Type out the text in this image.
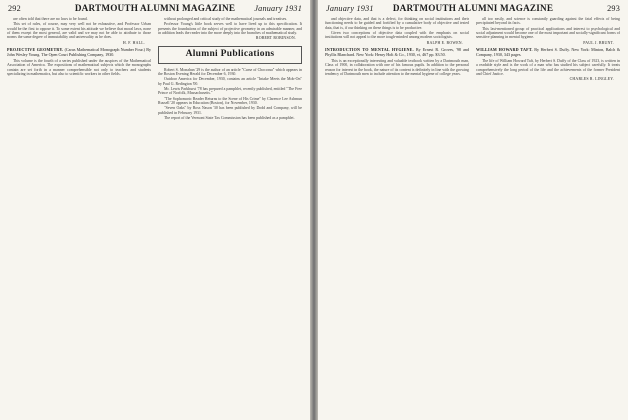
292	DARTMOUTH ALUMNI MAGAZINE	January 1931

are often told that there are no laws to be found.

This set of rules, of course, may very well not be exhaustive, and Professor Urban would be the first to oppose it. To some extent his attitude we believe that moral laws, none of them except the most general, are valid and we may not be able to attribute to those norms the same degree of immutability and universality as he does.

H. F. HALL.
PROJECTIVE GEOMETRY. (Carus Mathematical Monograph Number Four.) By John Wesley Young. The Open Court Publishing Company, 1930.

This volume is the fourth of a series published under the auspices of the Mathematical Association of America. The expositions of mathematical subjects which the monographs contain are set forth in a manner comprehensible not only to teachers and students specializing in mathematics, but also to scientific workers in other fields.

without prolonged and critical study of the mathematical journals and treatises.

Professor Young's little book serves well to have lived up to this specification. It presents the foundations of the subject of projective geometry in an admirable manner, and in addition leads the reader into the more deeply into the branches of mathematical study.

ROBERT ROBINSON.
Alumni Publications

Robert S. Monahan '29 is the author of an article "Curse of Chocorua" which appears in the Boston Evening Herald for December 6, 1930.

Outdoor America for December, 1930, contains an article "Intake Meets the Mob-On" by Paul G. Redington '00.

Mr. Lewis Parkhurst '78 has prepared a pamphlet, recently published, entitled "The Free Prince of Norfolk, Massachusetts."

"The Sophomoric Reader Returns to the Scene of His Crime" by Clarence Lee Ashmun Russell '20 appears in Education (Boston), for November, 1930.

"Seven Oaks" by Ross Nason '30 has been published by Dodd and Company, will be published in February 1931.

The report of the Vermont State Tax Commission has been published as a pamphlet.

January 1931	DARTMOUTH ALUMNI MAGAZINE	293

and objective data, and that is a defect, for thinking on social institutions and their functioning needs to be guided and fortified by a cumulative body of objective and tested data, that is, if our thinking on these things is to be productive.

Given two conceptions of objective data coupled with the emphasis on social institutions will not appeal to the more tough-minded among modern sociologists.

RALPH E. BOWEN.
INTRODUCTION TO MENTAL HYGIENE. By Ernest R. Groves, '98 and Phyllis Blanchard. New York: Henry Holt & Co., 1930, vi, 467 pp. $3.50.

This is an exceptionally interesting and valuable textbook written by a Dartmouth man, Class of 1900, in collaboration with one of his famous pupils. In addition to the personal reason for interest in the book, the nature of its content is definitely in line with the growing tendency of Dartmouth men to include attention to the mental hygiene of college years.

all too easily, and science is constantly guarding against the fatal effects of being precipitated beyond its facts.

This last-mentioned group of practical applications and interest to psychological and social adjustment would become one of the most important and socially-significant forms of sensitive planning in mental hygiene.

PAUL J. BRUNT.
WILLIAM HOWARD TAFT. By Herbert S. Duffy. New York: Minton, Balch & Company, 1930, 343 pages.

The life of William Howard Taft, by Herbert S. Duffy of the Class of 1923, is written in a readable style and is the work of a man who has studied his subject carefully. It treats comprehensively the long period of the life and the achievements of the former President and Chief Justice.

CHARLES R. LINGLEY.
